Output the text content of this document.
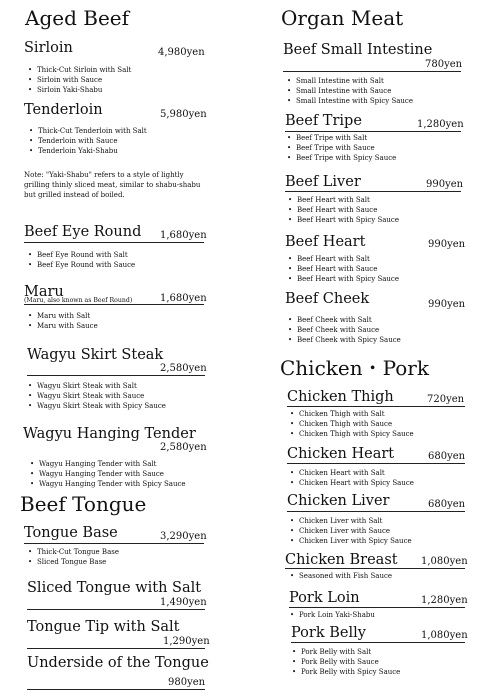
Aged Beef
Sirloin	4,980yen
• Thick-Cut Sirloin with Salt
• Sirloin with Sauce
• Sirloin Yaki-Shabu
Tenderloin	5,980yen
• Thick-Cut Tenderloin with Salt
• Tenderloin with Sauce
• Tenderloin Yaki-Shabu
Note: "Yaki-Shabu" refers to a style of lightly grilling thinly sliced meat, similar to shabu-shabu but grilled instead of boiled.
Beef Eye Round 1,680yen
• Beef Eye Round with Salt
• Beef Eye Round with Sauce
Maru	1,680yen
(Maru, also known as Beef Round)
• Maru with Salt
• Maru with Sauce
Wagyu Skirt Steak
2,580yen
• Wagyu Skirt Steak with Salt
• Wagyu Skirt Steak with Sauce
• Wagyu Skirt Steak with Spicy Sauce
Wagyu Hanging Tender
2,580yen
• Wagyu Hanging Tender with Salt
• Wagyu Hanging Tender with Sauce
• Wagyu Hanging Tender with Spicy Sauce
Beef Tongue
Tongue Base	3,290yen
• Thick-Cut Tongue Base
• Sliced Tongue Base
Sliced Tongue with Salt
1,490yen
Tongue Tip with Salt
1,290yen
Underside of the Tongue
980yen
Organ Meat
Beef Small Intestine
780yen
• Small Intestine with Salt
• Small Intestine with Sauce
• Small Intestine with Spicy Sauce
Beef Tripe	1,280yen
• Beef Tripe with Salt
• Beef Tripe with Sauce
• Beef Tripe with Spicy Sauce
Beef Liver	990yen
• Beef Heart with Salt
• Beef Heart with Sauce
• Beef Heart with Spicy Sauce
Beef Heart	990yen
• Beef Heart with Salt
• Beef Heart with Sauce
• Beef Heart with Spicy Sauce
Beef Cheek	990yen
• Beef Cheek with Salt
• Beef Cheek with Sauce
• Beef Cheek with Spicy Sauce
Chicken・Pork
Chicken Thigh	720yen
• Chicken Thigh with Salt
• Chicken Thigh with Sauce
• Chicken Thigh with Spicy Sauce
Chicken Heart	680yen
• Chicken Heart with Salt
• Chicken Heart with Spicy Sauce
Chicken Liver	680yen
• Chicken Liver with Salt
• Chicken Liver with Sauce
• Chicken Liver with Spicy Sauce
Chicken Breast 1,080yen
• Seasoned with Fish Sauce
Pork Loin	1,280yen
• Pork Loin Yaki-Shabu
Pork Belly	1,080yen
• Pork Belly with Salt
• Pork Belly with Sauce
• Pork Belly with Spicy Sauce
